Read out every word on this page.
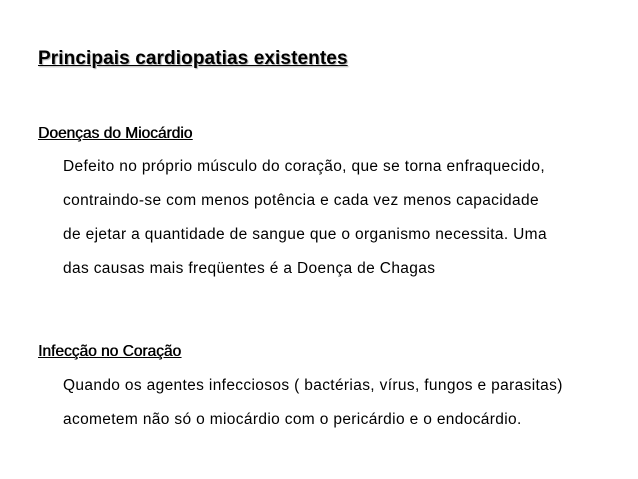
Principais cardiopatias existentes
Doenças do Miocárdio
Defeito no próprio músculo do coração, que se torna enfraquecido,
contraindo-se com menos potência e cada vez menos capacidade
de ejetar a quantidade de sangue que o organismo necessita. Uma
das causas mais freqüentes é a Doença de Chagas
Infecção no Coração
Quando os agentes infecciosos ( bactérias, vírus, fungos e parasitas)
acometem não só o miocárdio com o pericárdio e o endocárdio.
